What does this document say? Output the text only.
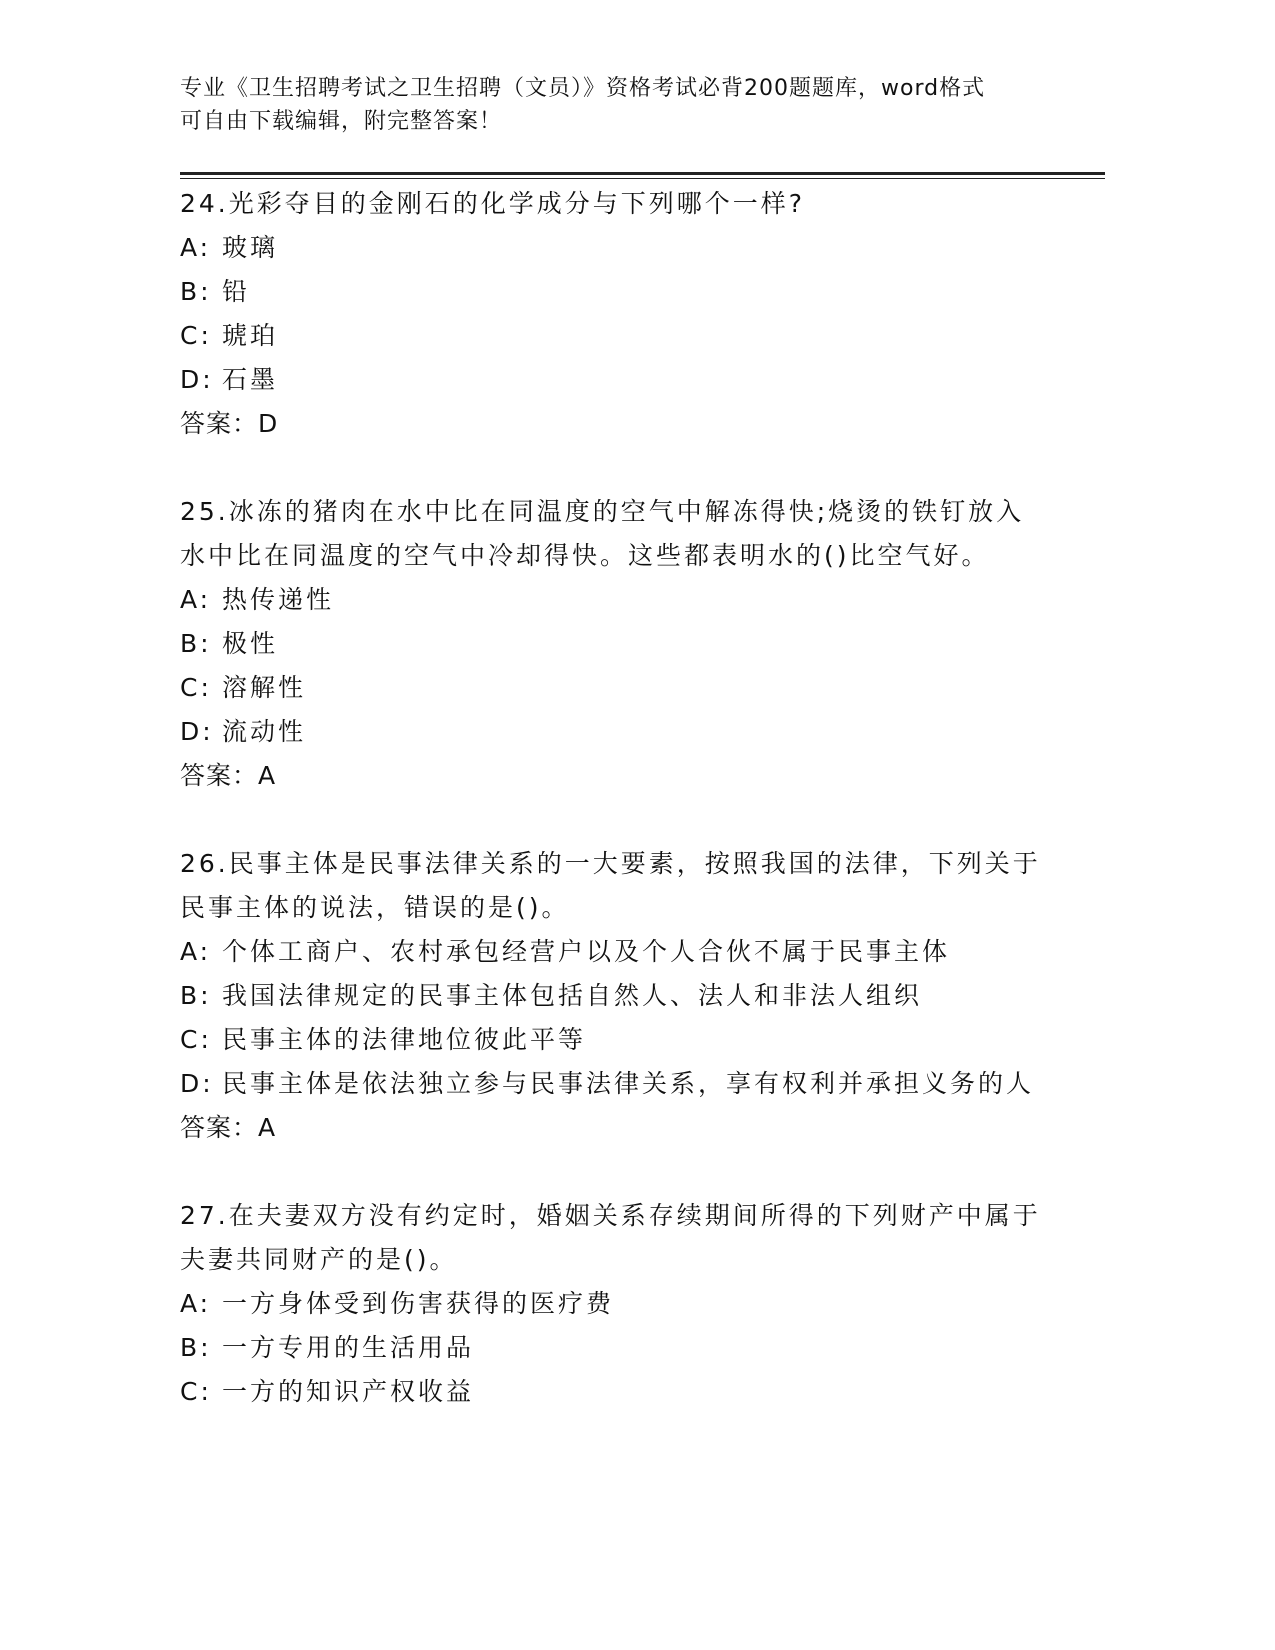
专业《卫生招聘考试之卫生招聘（文员）》资格考试必背200题题库，word格式
可自由下载编辑，附完整答案！
24.光彩夺目的金刚石的化学成分与下列哪个一样?
A: 玻璃
B: 铅
C: 琥珀
D: 石墨
答案：D
25.冰冻的猪肉在水中比在同温度的空气中解冻得快;烧烫的铁钉放入
水中比在同温度的空气中冷却得快。这些都表明水的()比空气好。
A: 热传递性
B: 极性
C: 溶解性
D: 流动性
答案：A
26.民事主体是民事法律关系的一大要素，按照我国的法律，下列关于
民事主体的说法，错误的是()。
A: 个体工商户、农村承包经营户以及个人合伙不属于民事主体
B: 我国法律规定的民事主体包括自然人、法人和非法人组织
C: 民事主体的法律地位彼此平等
D: 民事主体是依法独立参与民事法律关系，享有权利并承担义务的人
答案：A
27.在夫妻双方没有约定时，婚姻关系存续期间所得的下列财产中属于
夫妻共同财产的是()。
A: 一方身体受到伤害获得的医疗费
B: 一方专用的生活用品
C: 一方的知识产权收益
